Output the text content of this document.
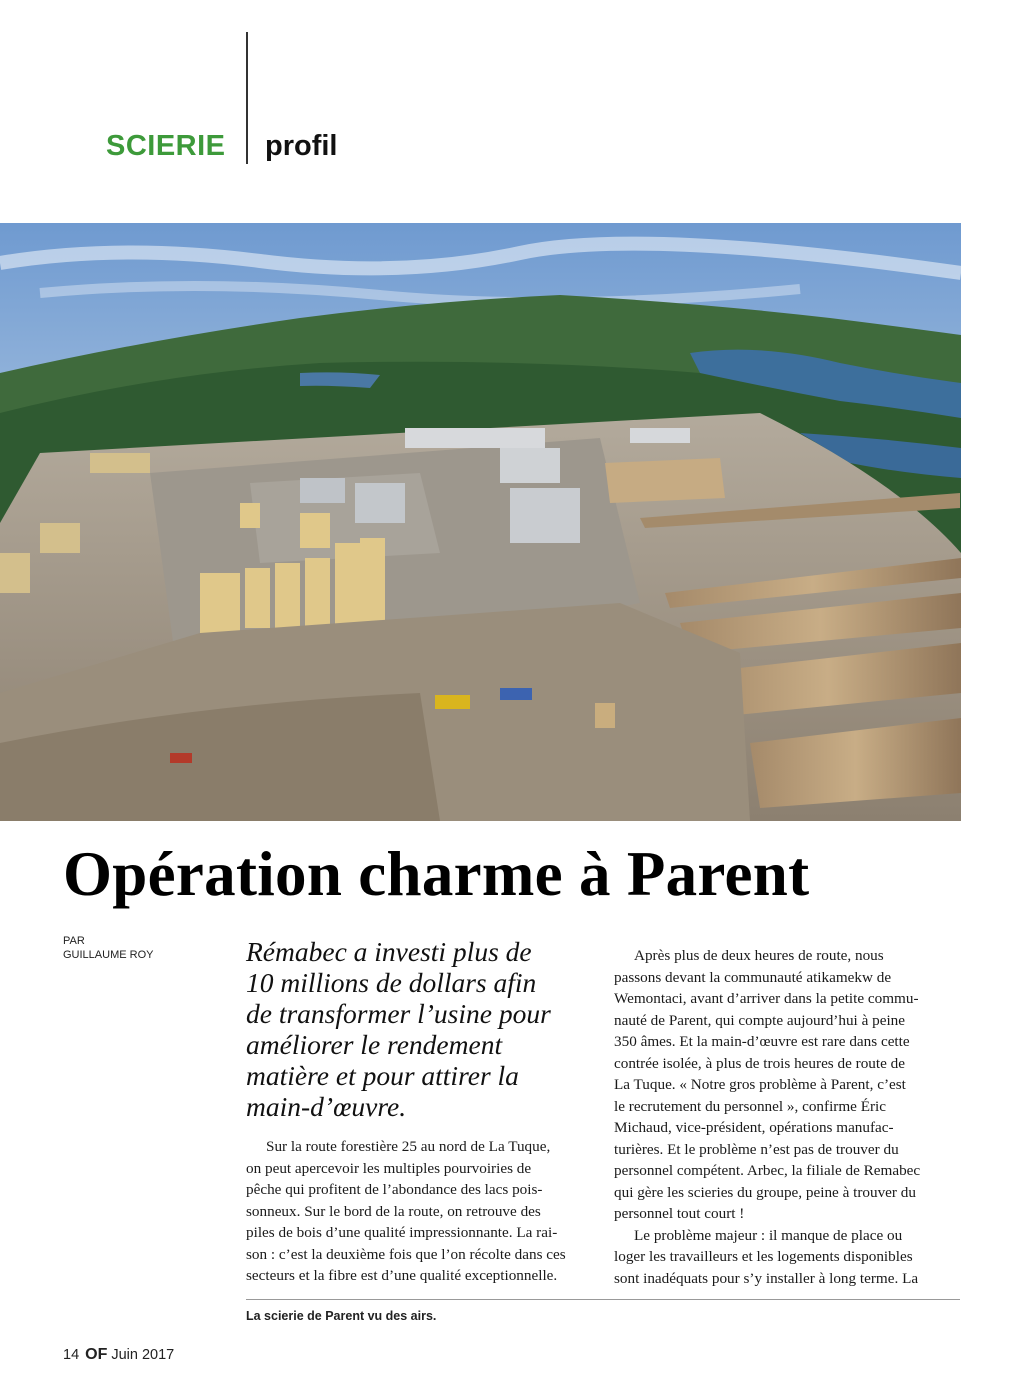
SCIERIE profil
Opération charme à Parent
PAR
GUILLAUME ROY	Rémabec a investi plus de
10 millions de dollars afin
de transformer l’usine pour
améliorer le rendement
matière et pour attirer la
main-d’œuvre.
Sur la route forestière 25 au nord de La Tuque,
on peut apercevoir les multiples pourvoiries de
pêche qui profitent de l’abondance des lacs pois-
sonneux. Sur le bord de la route, on retrouve des
piles de bois d’une qualité impressionnante. La rai-
son : c’est la deuxième fois que l’on récolte dans ces
secteurs et la fibre est d’une qualité exceptionnelle.
Après plus de deux heures de route, nous
passons devant la communauté atikamekw de
Wemontaci, avant d’arriver dans la petite commu-
nauté de Parent, qui compte aujourd’hui à peine
350 âmes. Et la main-d’œuvre est rare dans cette
contrée isolée, à plus de trois heures de route de
La Tuque. « Notre gros problème à Parent, c’est
le recrutement du personnel », confirme Éric
Michaud, vice-président, opérations manufac-
turières. Et le problème n’est pas de trouver du
personnel compétent. Arbec, la filiale de Remabec
qui gère les scieries du groupe, peine à trouver du
personnel tout court !
Le problème majeur : il manque de place ou
loger les travailleurs et les logements disponibles
sont inadéquats pour s’y installer à long terme. La
La scierie de Parent vu des airs.
14 OF Juin 2017
